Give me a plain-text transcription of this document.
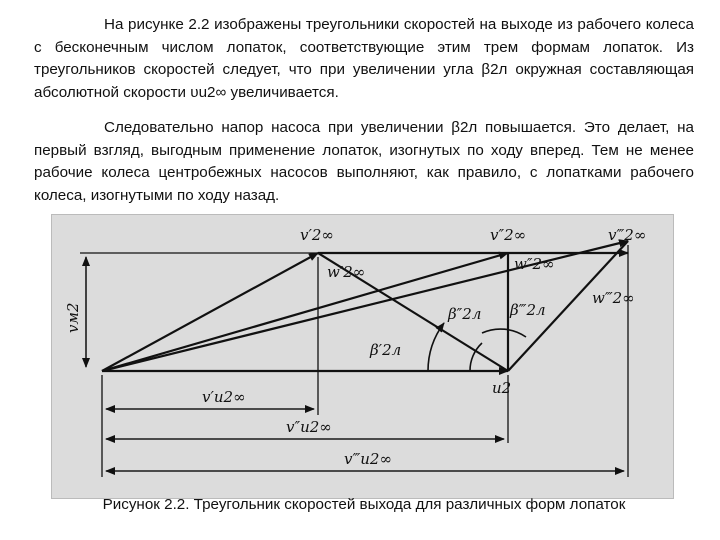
На рисунке 2.2 изображены треугольники скоростей на выходе из рабочего колеса с бесконечным числом лопаток, соответствующие этим трем формам лопаток. Из треугольников скоростей следует, что при увеличении угла β2л окружная составляющая абсолютной скорости υu2∞ увеличивается.

Следовательно напор насоса при увеличении β2л повышается. Это делает, на первый взгляд, выгодным применение лопаток, изогнутых по ходу вперед. Тем не менее рабочие колеса центробежных насосов выполняют, как правило, с лопатками рабочего колеса, изогнутыми по ходу назад.

v′2∞	v″2∞	v‴2∞
w′2∞	w″2∞
w‴2∞
β′2л
β″2л β‴2л
u2
vм2
v′u2∞
v″u2∞
v‴u2∞
Рисунок 2.2. Треугольник скоростей выхода для различных форм лопаток
